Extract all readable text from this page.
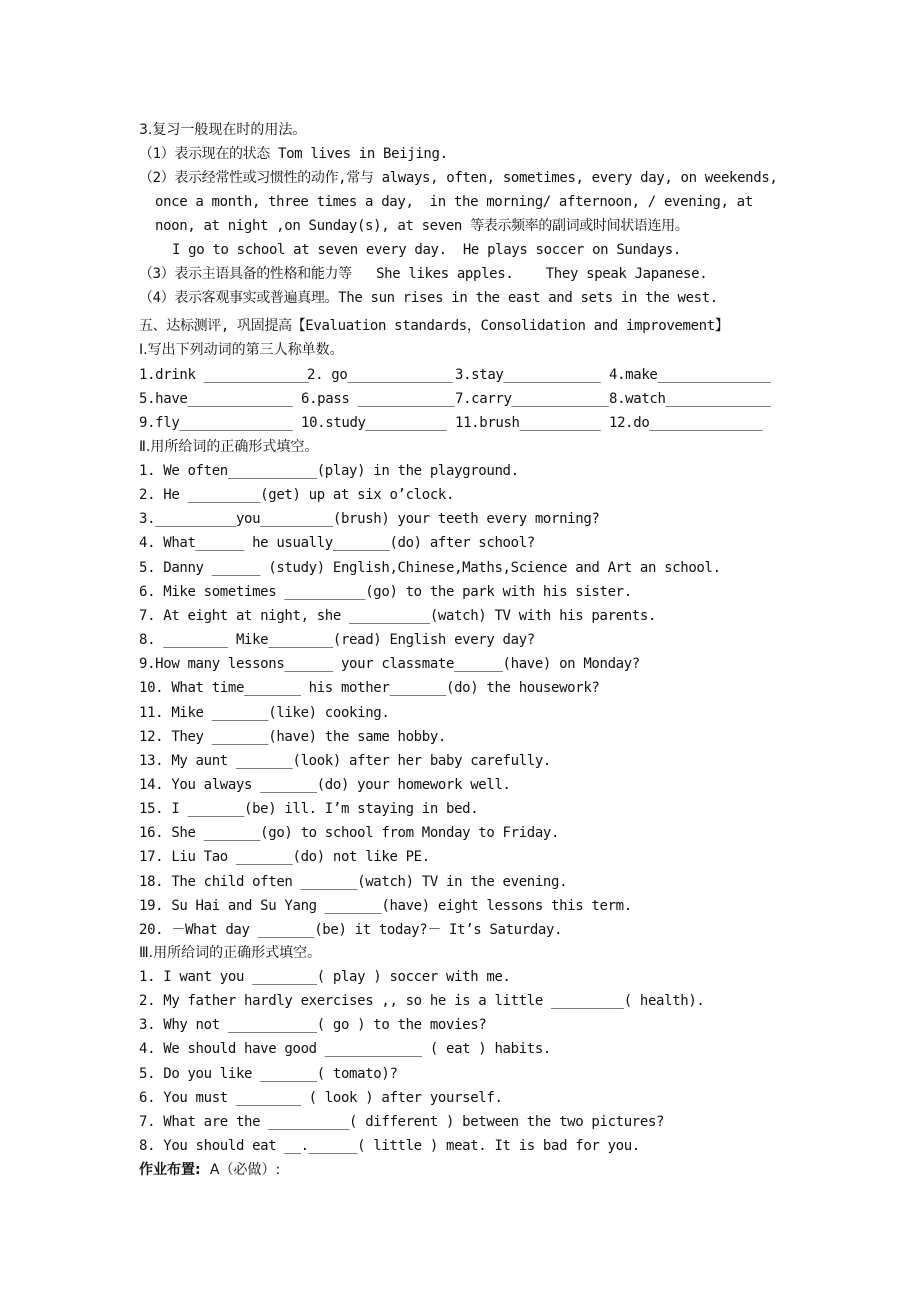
3.复习一般现在时的用法。
（1）表示现在的状态 Tom lives in Beijing.
（2）表示经常性或习惯性的动作,常与 always, often, sometimes, every day, on weekends,
once a month, three times a day,  in the morning/ afternoon, / evening, at
noon, at night ,on Sunday(s), at seven 等表示频率的副词或时间状语连用。
I go to school at seven every day.  He plays soccer on Sundays.
（3）表示主语具备的性格和能力等   She likes apples.    They speak Japanese.
（4）表示客观事实或普遍真理。The sun rises in the east and sets in the west.
五、达标测评, 巩固提高【Evaluation standards，Consolidation and improvement】
Ⅰ.写出下列动词的第三人称单数。

1.drink _____________

2. go_____________

3.stay____________

4.make______________

5.have_____________

6.pass ____________

7.carry____________

8.watch_____________

9.fly______________

10.study__________

11.brush__________

12.do______________

Ⅱ.用所给词的正确形式填空。
1. We often___________(play) in the playground.
2. He _________(get) up at six o’clock.
3.__________you_________(brush) your teeth every morning?
4. What______ he usually_______(do) after school?
5. Danny ______ (study) English,Chinese,Maths,Science and Art an school.
6. Mike sometimes __________(go) to the park with his sister.
7. At eight at night, she __________(watch) TV with his parents.
8. ________ Mike________(read) English every day?
9.How many lessons______ your classmate______(have) on Monday?
10. What time_______ his mother_______(do) the housework?
11. Mike _______(like) cooking.
12. They _______(have) the same hobby.
13. My aunt _______(look) after her baby carefully.
14. You always _______(do) your homework well.
15. I _______(be) ill. I’m staying in bed.
16. She _______(go) to school from Monday to Friday.
17. Liu Tao _______(do) not like PE.
18. The child often _______(watch) TV in the evening.
19. Su Hai and Su Yang _______(have) eight lessons this term.
20. －What day _______(be) it today?－ It’s Saturday.
Ⅲ.用所给词的正确形式填空。
1. I want you ________( play ) soccer with me.
2. My father hardly exercises ,, so he is a little _________( health).
3. Why not ___________( go ) to the movies?
4. We should have good ____________ ( eat ) habits.
5. Do you like _______( tomato)?
6. You must ________ ( look ) after yourself.
7. What are the __________( different ) between the two pictures?
8. You should eat __.______( little ) meat. It is bad for you.
作业布置:  A（必做）:
